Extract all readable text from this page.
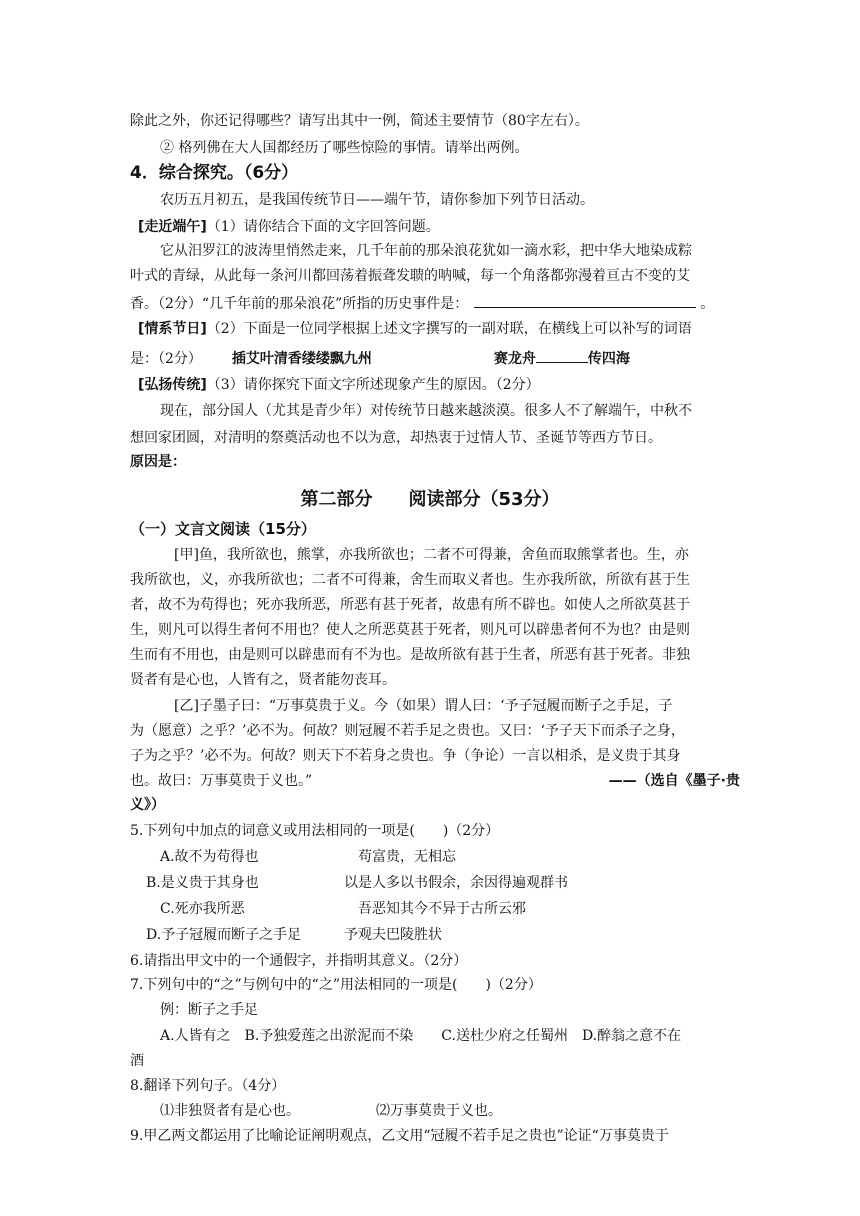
除此之外，你还记得哪些？请写出其中一例，简述主要情节（80字左右）。
② 格列佛在大人国都经历了哪些惊险的事情。请举出两例。
4．综合探究。（6分）
农历五月初五，是我国传统节日——端午节，请你参加下列节日活动。
[走近端午]（1）请你结合下面的文字回答问题。
它从汨罗江的波涛里悄然走来，几千年前的那朵浪花犹如一滴水彩，把中华大地染成粽
叶式的青绿，从此每一条河川都回荡着振聋发聩的呐喊，每一个角落都弥漫着亘古不变的艾
香。（2分）“几千年前的那朵浪花”所指的历史事件是：	。
[情系节日]（2）下面是一位同学根据上述文字撰写的一副对联，在横线上可以补写的词语
是：（2分） 插艾叶清香缕缕飘九州	赛龙舟	传四海
[弘扬传统]（3）请你探究下面文字所述现象产生的原因。（2分）
现在，部分国人（尤其是青少年）对传统节日越来越淡漠。很多人不了解端午，中秋不
想回家团圆，对清明的祭奠活动也不以为意，却热衷于过情人节、圣诞节等西方节日。
原因是：
第二部分　　阅读部分（53分）
（一）文言文阅读（15分）
[甲]鱼，我所欲也，熊掌，亦我所欲也；二者不可得兼，舍鱼而取熊掌者也。生，亦
我所欲也，义，亦我所欲也；二者不可得兼，舍生而取义者也。生亦我所欲，所欲有甚于生
者，故不为苟得也；死亦我所恶，所恶有甚于死者，故患有所不辟也。如使人之所欲莫甚于
生，则凡可以得生者何不用也？使人之所恶莫甚于死者，则凡可以辟患者何不为也？由是则
生而有不用也，由是则可以辟患而有不为也。是故所欲有甚于生者，所恶有甚于死者。非独
贤者有是心也，人皆有之，贤者能勿丧耳。
[乙]子墨子曰：“万事莫贵于义。今（如果）谓人曰：‘予子冠履而断子之手足，子
为（愿意）之乎？’必不为。何故？则冠履不若手足之贵也。又曰：‘予子天下而杀子之身，
子为之乎？’必不为。何故？则天下不若身之贵也。争（争论）一言以相杀，是义贵于其身
也。故曰：万事莫贵于义也。”	——（选自《墨子·贵
义》）
5.下列句中加点的词意义或用法相同的一项是(　　)（2分）
A.故不为苟得也	苟富贵，无相忘
B.是义贵于其身也	以是人多以书假余，余因得遍观群书
C.死亦我所恶	吾恶知其今不异于古所云邪
D.予子冠履而断子之手足	予观夫巴陵胜状
6.请指出甲文中的一个通假字，并指明其意义。（2分）
7.下列句中的“之”与例句中的“之”用法相同的一项是(　　)（2分）
例：断子之手足
A.人皆有之　B.予独爱莲之出淤泥而不染　　C.送杜少府之任蜀州　D.醉翁之意不在
酒
8.翻译下列句子。（4分）
⑴非独贤者有是心也。	⑵万事莫贵于义也。
9.甲乙两文都运用了比喻论证阐明观点，乙文用“冠履不若手足之贵也”论证“万事莫贵于
